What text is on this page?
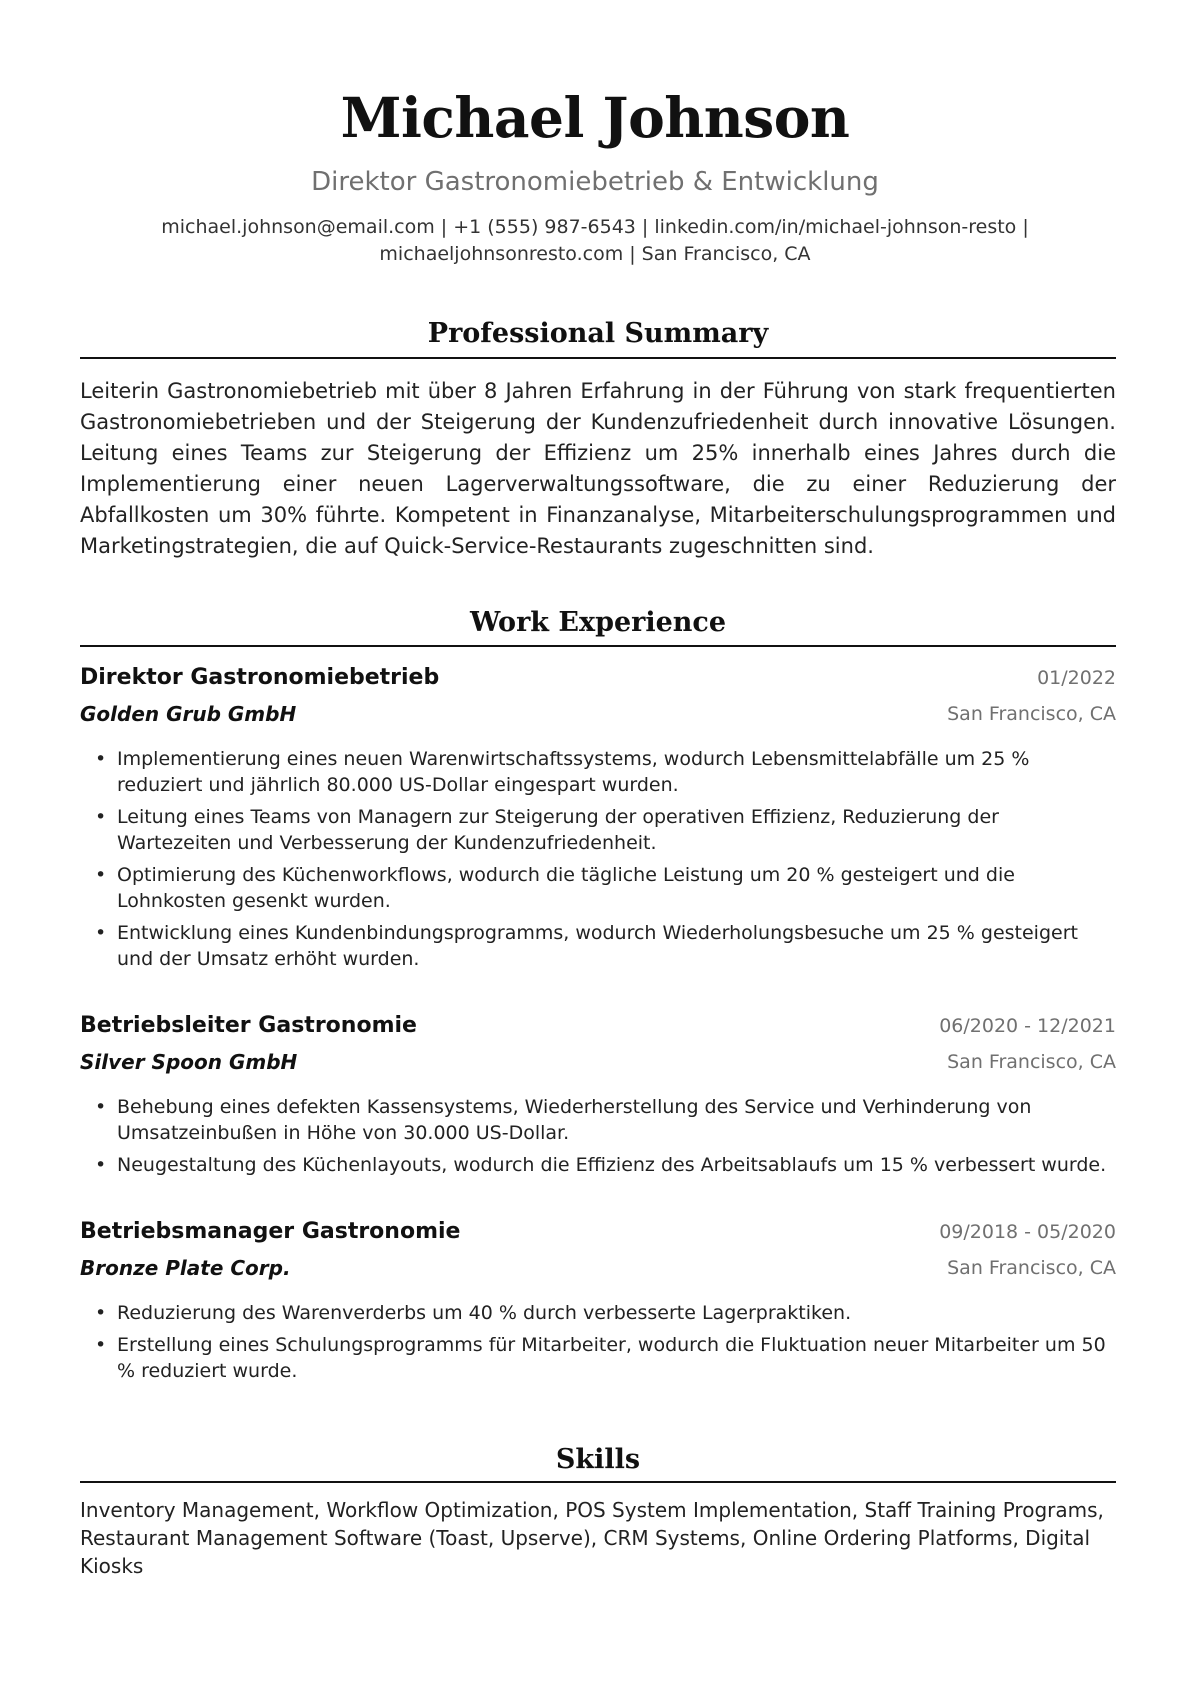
Michael Johnson
Direktor Gastronomiebetrieb & Entwicklung
michael.johnson@email.com | +1 (555) 987-6543 | linkedin.com/in/michael-johnson-resto |
michaeljohnsonresto.com | San Francisco, CA
Professional Summary
Leiterin Gastronomiebetrieb mit über 8 Jahren Erfahrung in der Führung von stark frequentierten Gastronomiebetrieben und der Steigerung der Kundenzufriedenheit durch innovative Lösungen. Leitung eines Teams zur Steigerung der Effizienz um 25% innerhalb eines Jahres durch die Implementierung einer neuen Lagerverwaltungssoftware, die zu einer Reduzierung der Abfallkosten um 30% führte. Kompetent in Finanzanalyse, Mitarbeiterschulungsprogrammen und Marketingstrategien, die auf Quick-Service-Restaurants zugeschnitten sind.
Work Experience
Direktor Gastronomiebetrieb	01/2022
Golden Grub GmbH	San Francisco, CA
• Implementierung eines neuen Warenwirtschaftssystems, wodurch Lebensmittelabfälle um 25 % reduziert und jährlich 80.000 US-Dollar eingespart wurden.
• Leitung eines Teams von Managern zur Steigerung der operativen Effizienz, Reduzierung der Wartezeiten und Verbesserung der Kundenzufriedenheit.
• Optimierung des Küchenworkflows, wodurch die tägliche Leistung um 20 % gesteigert und die Lohnkosten gesenkt wurden.
• Entwicklung eines Kundenbindungsprogramms, wodurch Wiederholungsbesuche um 25 % gesteigert und der Umsatz erhöht wurden.
Betriebsleiter Gastronomie	06/2020 - 12/2021
Silver Spoon GmbH	San Francisco, CA
• Behebung eines defekten Kassensystems, Wiederherstellung des Service und Verhinderung von Umsatzeinbußen in Höhe von 30.000 US-Dollar.
• Neugestaltung des Küchenlayouts, wodurch die Effizienz des Arbeitsablaufs um 15 % verbessert wurde.
Betriebsmanager Gastronomie	09/2018 - 05/2020
Bronze Plate Corp.	San Francisco, CA
• Reduzierung des Warenverderbs um 40 % durch verbesserte Lagerpraktiken.
• Erstellung eines Schulungsprogramms für Mitarbeiter, wodurch die Fluktuation neuer Mitarbeiter um 50 % reduziert wurde.
Skills
Inventory Management, Workflow Optimization, POS System Implementation, Staff Training Programs,
Restaurant Management Software (Toast, Upserve), CRM Systems, Online Ordering Platforms, Digital Kiosks
